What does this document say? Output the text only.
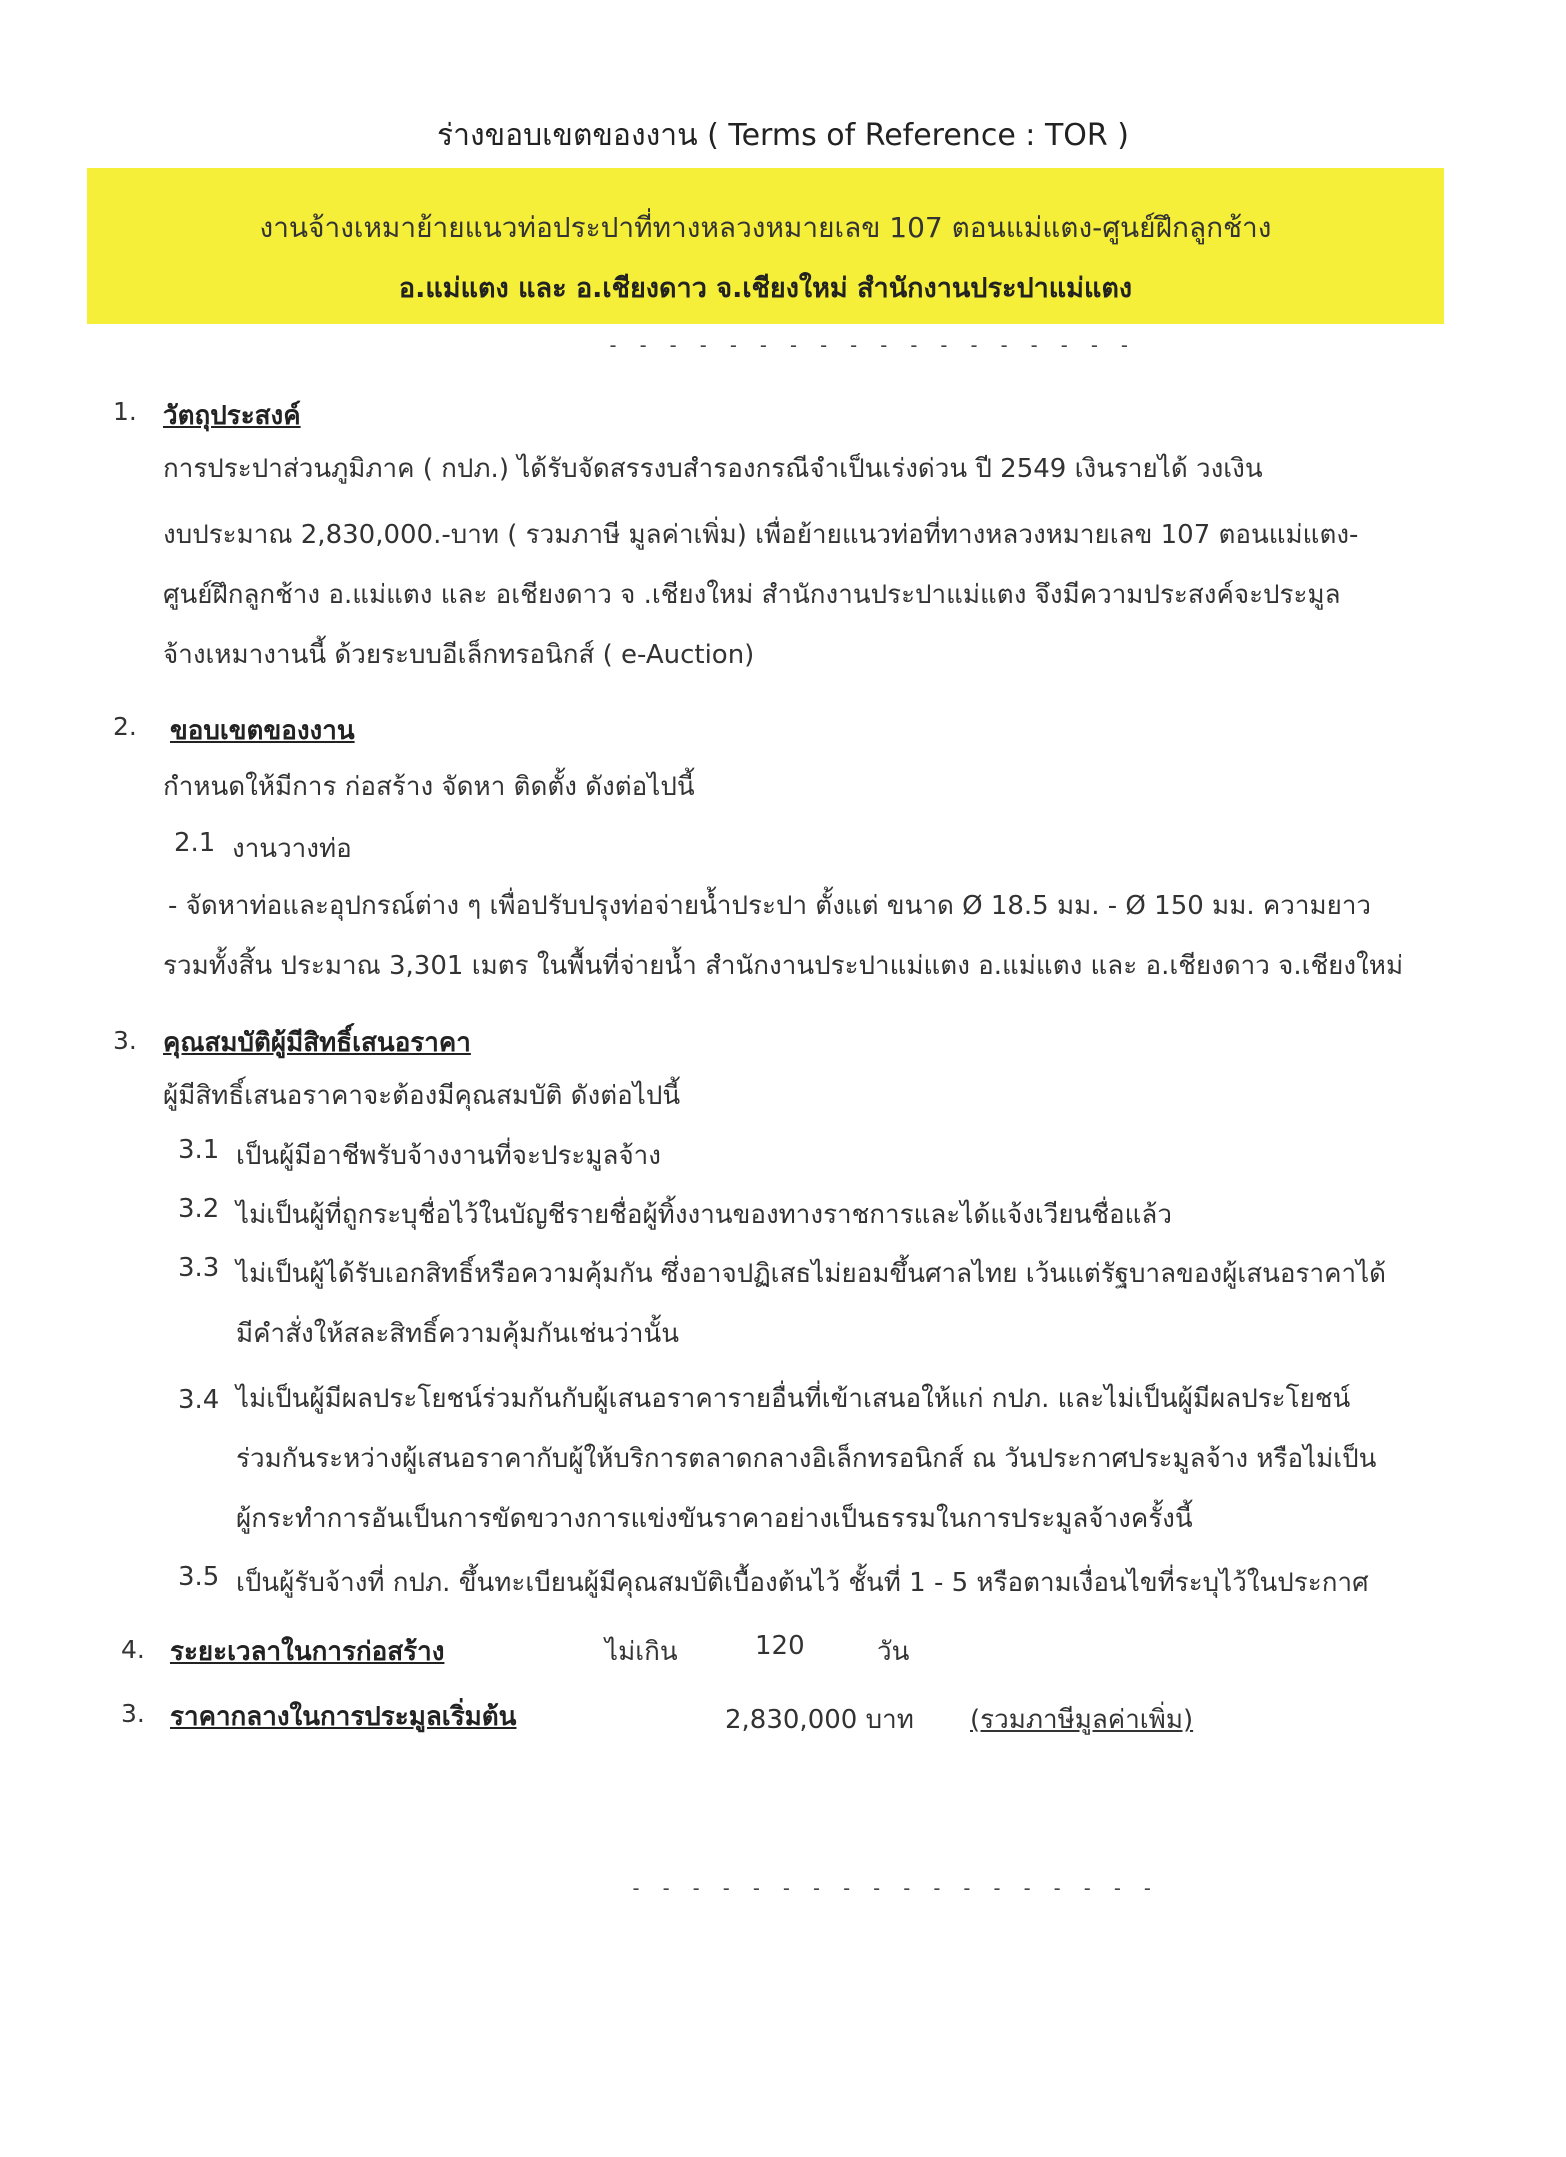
ร่างขอบเขตของงาน ( Terms of Reference : TOR )
งานจ้างเหมาย้ายแนวท่อประปาที่ทางหลวงหมายเลข 107 ตอนแม่แตง-ศูนย์ฝึกลูกช้าง
อ.แม่แตง และ อ.เชียงดาว จ.เชียงใหม่ สำนักงานประปาแม่แตง
- - - - - - - - - - - - - - - - - -
1. วัตถุประสงค์
การประปาส่วนภูมิภาค ( กปภ.) ได้รับจัดสรรงบสำรองกรณีจำเป็นเร่งด่วน ปี 2549 เงินรายได้ วงเงิน
งบประมาณ 2,830,000.-บาท ( รวมภาษี มูลค่าเพิ่ม) เพื่อย้ายแนวท่อที่ทางหลวงหมายเลข 107 ตอนแม่แตง-
ศูนย์ฝึกลูกช้าง อ.แม่แตง และ อเชียงดาว จ .เชียงใหม่ สำนักงานประปาแม่แตง จึงมีความประสงค์จะประมูล
จ้างเหมางานนี้ ด้วยระบบอีเล็กทรอนิกส์ ( e-Auction)
2. ขอบเขตของงาน
กำหนดให้มีการ ก่อสร้าง จัดหา ติดตั้ง ดังต่อไปนี้
2.1 งานวางท่อ
- จัดหาท่อและอุปกรณ์ต่าง ๆ เพื่อปรับปรุงท่อจ่ายน้ำประปา ตั้งแต่ ขนาด Ø 18.5 มม. - Ø 150 มม. ความยาว
รวมทั้งสิ้น ประมาณ 3,301 เมตร ในพื้นที่จ่ายน้ำ สำนักงานประปาแม่แตง อ.แม่แตง และ อ.เชียงดาว จ.เชียงใหม่
3. คุณสมบัติผู้มีสิทธิ์เสนอราคา
ผู้มีสิทธิ์เสนอราคาจะต้องมีคุณสมบัติ ดังต่อไปนี้
3.1 เป็นผู้มีอาชีพรับจ้างงานที่จะประมูลจ้าง
3.2 ไม่เป็นผู้ที่ถูกระบุชื่อไว้ในบัญชีรายชื่อผู้ทิ้งงานของทางราชการและได้แจ้งเวียนชื่อแล้ว
3.3 ไม่เป็นผู้ได้รับเอกสิทธิ์หรือความคุ้มกัน ซึ่งอาจปฏิเสธไม่ยอมขึ้นศาลไทย เว้นแต่รัฐบาลของผู้เสนอราคาได้
มีคำสั่งให้สละสิทธิ์ความคุ้มกันเช่นว่านั้น
3.4 ไม่เป็นผู้มีผลประโยชน์ร่วมกันกับผู้เสนอราคารายอื่นที่เข้าเสนอให้แก่ กปภ. และไม่เป็นผู้มีผลประโยชน์
ร่วมกันระหว่างผู้เสนอราคากับผู้ให้บริการตลาดกลางอิเล็กทรอนิกส์ ณ วันประกาศประมูลจ้าง หรือไม่เป็น
ผู้กระทำการอันเป็นการขัดขวางการแข่งขันราคาอย่างเป็นธรรมในการประมูลจ้างครั้งนี้
3.5 เป็นผู้รับจ้างที่ กปภ. ขึ้นทะเบียนผู้มีคุณสมบัติเบื้องต้นไว้ ชั้นที่ 1 - 5 หรือตามเงื่อนไขที่ระบุไว้ในประกาศ
4. ระยะเวลาในการก่อสร้าง	ไม่เกิน	120	วัน
3. ราคากลางในการประมูลเริ่มต้น	2,830,000 บาท (รวมภาษีมูลค่าเพิ่ม)
- - - - - - - - - - - - - - - - - -
